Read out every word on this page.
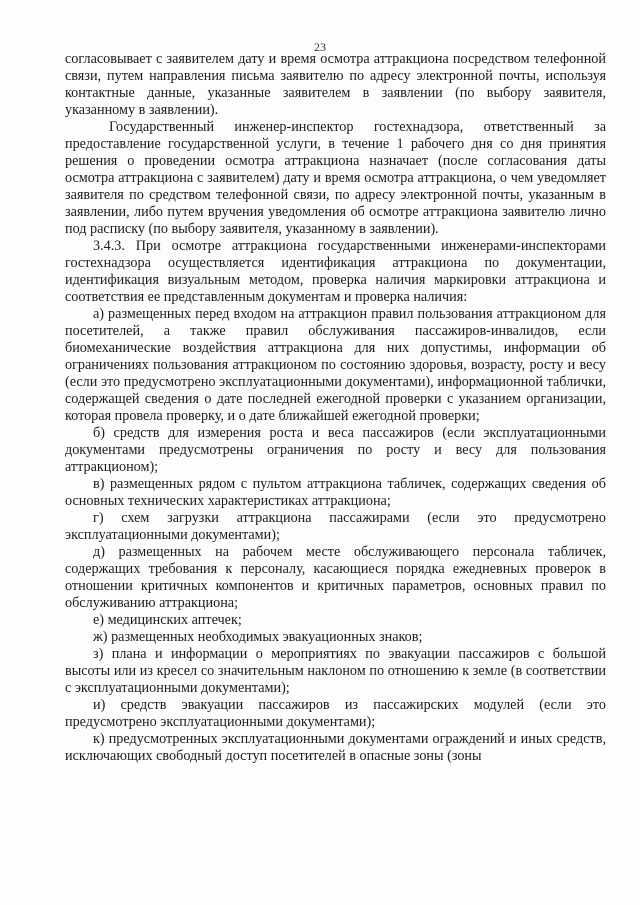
23

согласовывает с заявителем дату и время осмотра аттракциона посредством телефонной связи, путем направления письма заявителю по адресу электронной почты, используя контактные данные, указанные заявителем в заявлении (по выбору заявителя, указанному в заявлении).

Государственный инженер-инспектор гостехнадзора, ответственный за предоставление государственной услуги, в течение 1 рабочего дня со дня принятия решения о проведении осмотра аттракциона назначает (после согласования даты осмотра аттракциона с заявителем) дату и время осмотра аттракциона, о чем уведомляет заявителя по средством телефонной связи, по адресу электронной почты, указанным в заявлении, либо путем вручения уведомления об осмотре аттракциона заявителю лично под расписку (по выбору заявителя, указанному в заявлении).

3.4.3. При осмотре аттракциона государственными инженерами-инспекторами гостехнадзора осуществляется идентификация аттракциона по документации, идентификация визуальным методом, проверка наличия маркировки аттракциона и соответствия ее представленным документам и проверка наличия:

а) размещенных перед входом на аттракцион правил пользования аттракционом для посетителей, а также правил обслуживания пассажиров-инвалидов, если биомеханические воздействия аттракциона для них допустимы, информации об ограничениях пользования аттракционом по состоянию здоровья, возрасту, росту и весу (если это предусмотрено эксплуатационными документами), информационной таблички, содержащей сведения о дате последней ежегодной проверки с указанием организации, которая провела проверку, и о дате ближайшей ежегодной проверки;

б) средств для измерения роста и веса пассажиров (если эксплуатационными документами предусмотрены ограничения по росту и весу для пользования аттракционом);

в) размещенных рядом с пультом аттракциона табличек, содержащих сведения об основных технических характеристиках аттракциона;

г) схем загрузки аттракциона пассажирами (если это предусмотрено эксплуатационными документами);

д) размещенных на рабочем месте обслуживающего персонала табличек, содержащих требования к персоналу, касающиеся порядка ежедневных проверок в отношении критичных компонентов и критичных параметров, основных правил по обслуживанию аттракциона;

е) медицинских аптечек;

ж) размещенных необходимых эвакуационных знаков;

з) плана и информации о мероприятиях по эвакуации пассажиров с большой высоты или из кресел со значительным наклоном по отношению к земле (в соответствии с эксплуатационными документами);

и) средств эвакуации пассажиров из пассажирских модулей (если это предусмотрено эксплуатационными документами);

к) предусмотренных эксплуатационными документами ограждений и иных средств, исключающих свободный доступ посетителей в опасные зоны (зоны
